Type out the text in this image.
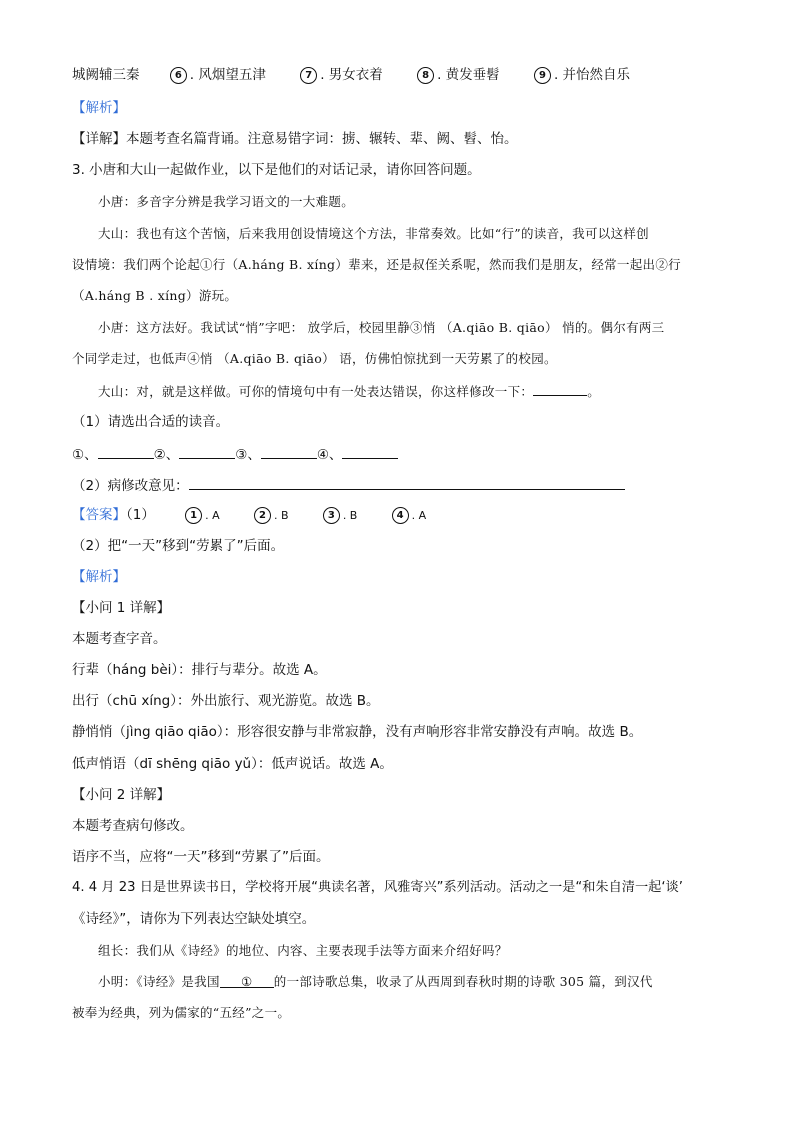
城阙辅三秦	6 . 风烟望五津	7 . 男女衣着	8 . 黄发垂髫	9 . 并怡然自乐
【解析】
【详解】本题考查名篇背诵。注意易错字词：掳、辗转、辈、阙、髫、怡。
3. 小唐和大山一起做作业，以下是他们的对话记录，请你回答问题。
小唐：多音字分辨是我学习语文的一大难题。
大山：我也有这个苦恼，后来我用创设情境这个方法，非常奏效。比如“行”的读音，我可以这样创
设情境：我们两个论起①行（A.háng B. xíng）辈来，还是叔侄关系呢，然而我们是朋友，经常一起出②行
（A.háng B . xíng）游玩。
小唐：这方法好。我试试“悄”字吧： 放学后，校园里静③悄 （A.qiāo B. qiāo） 悄的。偶尔有两三
个同学走过，也低声④悄 （A.qiāo B. qiāo） 语，仿佛怕惊扰到一天劳累了的校园。
大山：对，就是这样做。可你的情境句中有一处表达错误，你这样修改一下：	。
（1）请选出合适的读音。
①、	②、	③、	④、
（2）病修改意见：
【答案】（1）	1 . A	2 . B	3 . B	4 . A
（2）把“一天”移到“劳累了”后面。
【解析】
【小问 1 详解】
本题考查字音。
行辈（háng bèi）：排行与辈分。故选 A。
出行（chū xíng）：外出旅行、观光游览。故选 B。
静悄悄（jìng qiāo qiāo）：形容很安静与非常寂静，没有声响形容非常安静没有声响。故选 B。
低声悄语（dī shēng qiāo yǔ）：低声说话。故选 A。
【小问 2 详解】
本题考查病句修改。
语序不当，应将“一天”移到“劳累了”后面。
4. 4 月 23 日是世界读书日，学校将开展“典读名著，风雅寄兴”系列活动。活动之一是“和朱自清一起‘谈’
《诗经》”，请你为下列表达空缺处填空。
组长：我们从《诗经》的地位、内容、主要表现手法等方面来介绍好吗？
小明：《诗经》是我国 ① 的一部诗歌总集，收录了从西周到春秋时期的诗歌 305 篇，到汉代
被奉为经典，列为儒家的“五经”之一。
